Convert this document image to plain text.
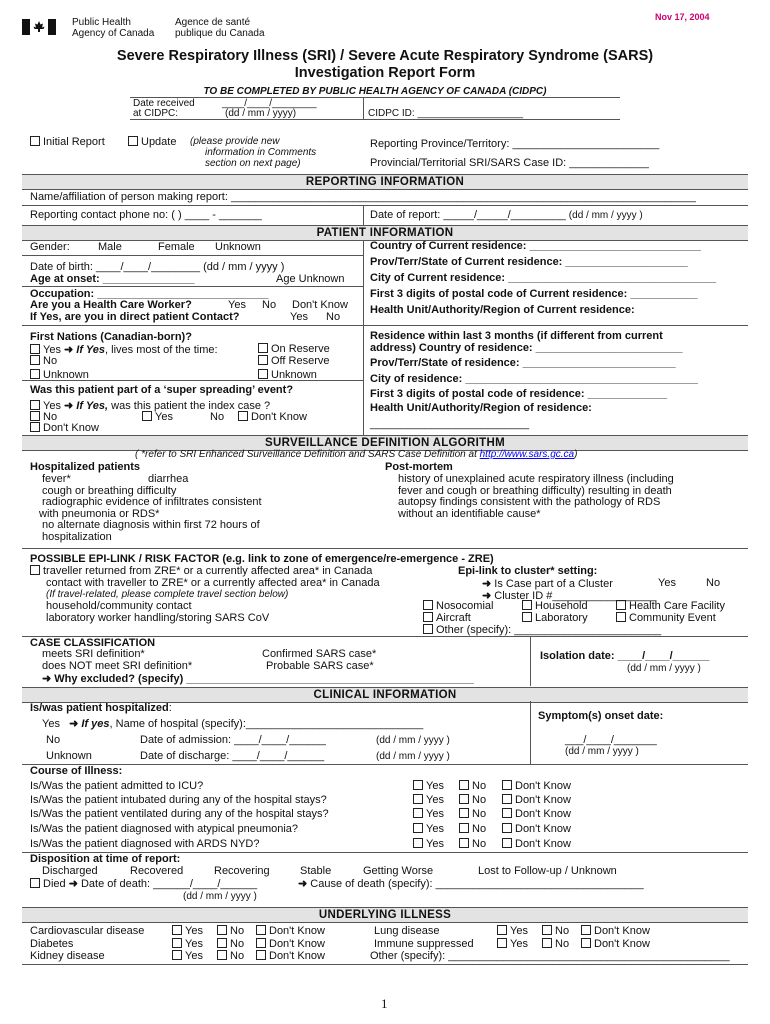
Nov 17, 2004
Public Health
Agency of Canada
Agence de santé
publique du Canada
Severe Respiratory Illness (SRI) / Severe Acute Respiratory Syndrome (SARS)
Investigation Report Form
TO BE COMPLETED BY PUBLIC HEALTH AGENCY OF CANADA (CIDPC)
Date received
at CIDPC:
____/____/________
(dd / mm / yyyy)	CIDPC ID: ___________________
Initial Report	Update (please provide new
information in Comments
section on next page)
Reporting Province/Territory: ________________________
Provincial/Territorial SRI/SARS Case ID: _____________
REPORTING INFORMATION
Name/affiliation of person making report: ____________________________________________________________________________
Reporting contact phone no: ( ) ____ - _______	Date of report: _____/_____/_________ (dd / mm / yyyy )
PATIENT INFORMATION
Gender:	Male	Female Unknown
Date of birth: ____/____/________ (dd / mm / yyyy )
Age at onset: _______________	Age Unknown
Occupation: ____________________________
Are you a Health Care Worker?	Yes No Don't Know
If Yes, are you in direct patient Contact?	Yes No
Country of Current residence: ____________________________
Prov/Terr/State of Current residence: ____________________
City of Current residence: __________________________________
First 3 digits of postal code of Current residence: ___________
Health Unit/Authority/Region of Current residence:
First Nations (Canadian-born)?
Yes ➜ If Yes, lives most of the time:	On Reserve
No	Off Reserve
Unknown	Unknown
Was this patient part of a ‘super spreading’ event?
Yes ➜ If Yes, was this patient the index case ?
No	Yes	No	Don't Know
Don't Know
Residence within last 3 months (if different from current
address) Country of residence: ________________________
Prov/Terr/State of residence: _________________________
City of residence: ______________________________________
First 3 digits of postal code of residence: _____________
Health Unit/Authority/Region of residence:
__________________________
SURVEILLANCE DEFINITION ALGORITHM
( *refer to SRI Enhanced Surveillance Definition and SARS Case Definition at http://www.sars.gc.ca)
Hospitalized patients
fever*	diarrhea
cough or breathing difficulty
radiographic evidence of infiltrates consistent
with pneumonia or RDS*
no alternate diagnosis within first 72 hours of
hospitalization
Post-mortem
history of unexplained acute respiratory illness (including
fever and cough or breathing difficulty) resulting in death
autopsy findings consistent with the pathology of RDS
without an identifiable cause*
POSSIBLE EPI-LINK / RISK FACTOR (e.g. link to zone of emergence/re-emergence - ZRE)
traveller returned from ZRE* or a currently affected area* in Canada
contact with traveller to ZRE* or a currently affected area* in Canada
(If travel-related, please complete travel section below)
household/community contact
laboratory worker handling/storing SARS CoV
Epi-link to cluster* setting:
➜ Is Case part of a Cluster	Yes	No
➜ Cluster ID #_________________
Nosocomial	Household	Health Care Facility
Aircraft	Laboratory	Community Event
Other (specify): ________________________
CASE CLASSIFICATION
meets SRI definition*
does NOT meet SRI definition*
➜ Why excluded? (specify) _______________________________________________
Confirmed SARS case*
Probable SARS case*
Isolation date: ____/____/______
(dd / mm / yyyy )
CLINICAL INFORMATION
Is/was patient hospitalized:
Yes ➜ If yes, Name of hospital (specify):_____________________________
No	Date of admission: ____/____/______	(dd / mm / yyyy )
Unknown	Date of discharge: ____/____/______	(dd / mm / yyyy )
Symptom(s) onset date:
___/____/_______
(dd / mm / yyyy )
Course of Illness:
Is/Was the patient admitted to ICU?	Yes	No	Don't Know
Is/Was the patient intubated during any of the hospital stays?	Yes	No	Don't Know
Is/Was the patient ventilated during any of the hospital stays?	Yes	No	Don't Know
Is/Was the patient diagnosed with atypical pneumonia?	Yes	No	Don't Know
Is/Was the patient diagnosed with ARDS NYD?	Yes	No	Don't Know
Disposition at time of report:
Discharged	Recovered	Recovering	Stable	Getting Worse	Lost to Follow-up / Unknown
Died ➜ Date of death: ______/____/______	➜ Cause of death (specify): __________________________________
(dd / mm / yyyy )
UNDERLYING ILLNESS
Cardiovascular disease	Yes	No	Don't Know
Diabetes	Yes	No	Don't Know
Kidney disease	Yes	No	Don't Know
Lung disease	Yes	No	Don't Know
Immune suppressed	Yes	No	Don't Know
Other (specify): ______________________________________________
1
